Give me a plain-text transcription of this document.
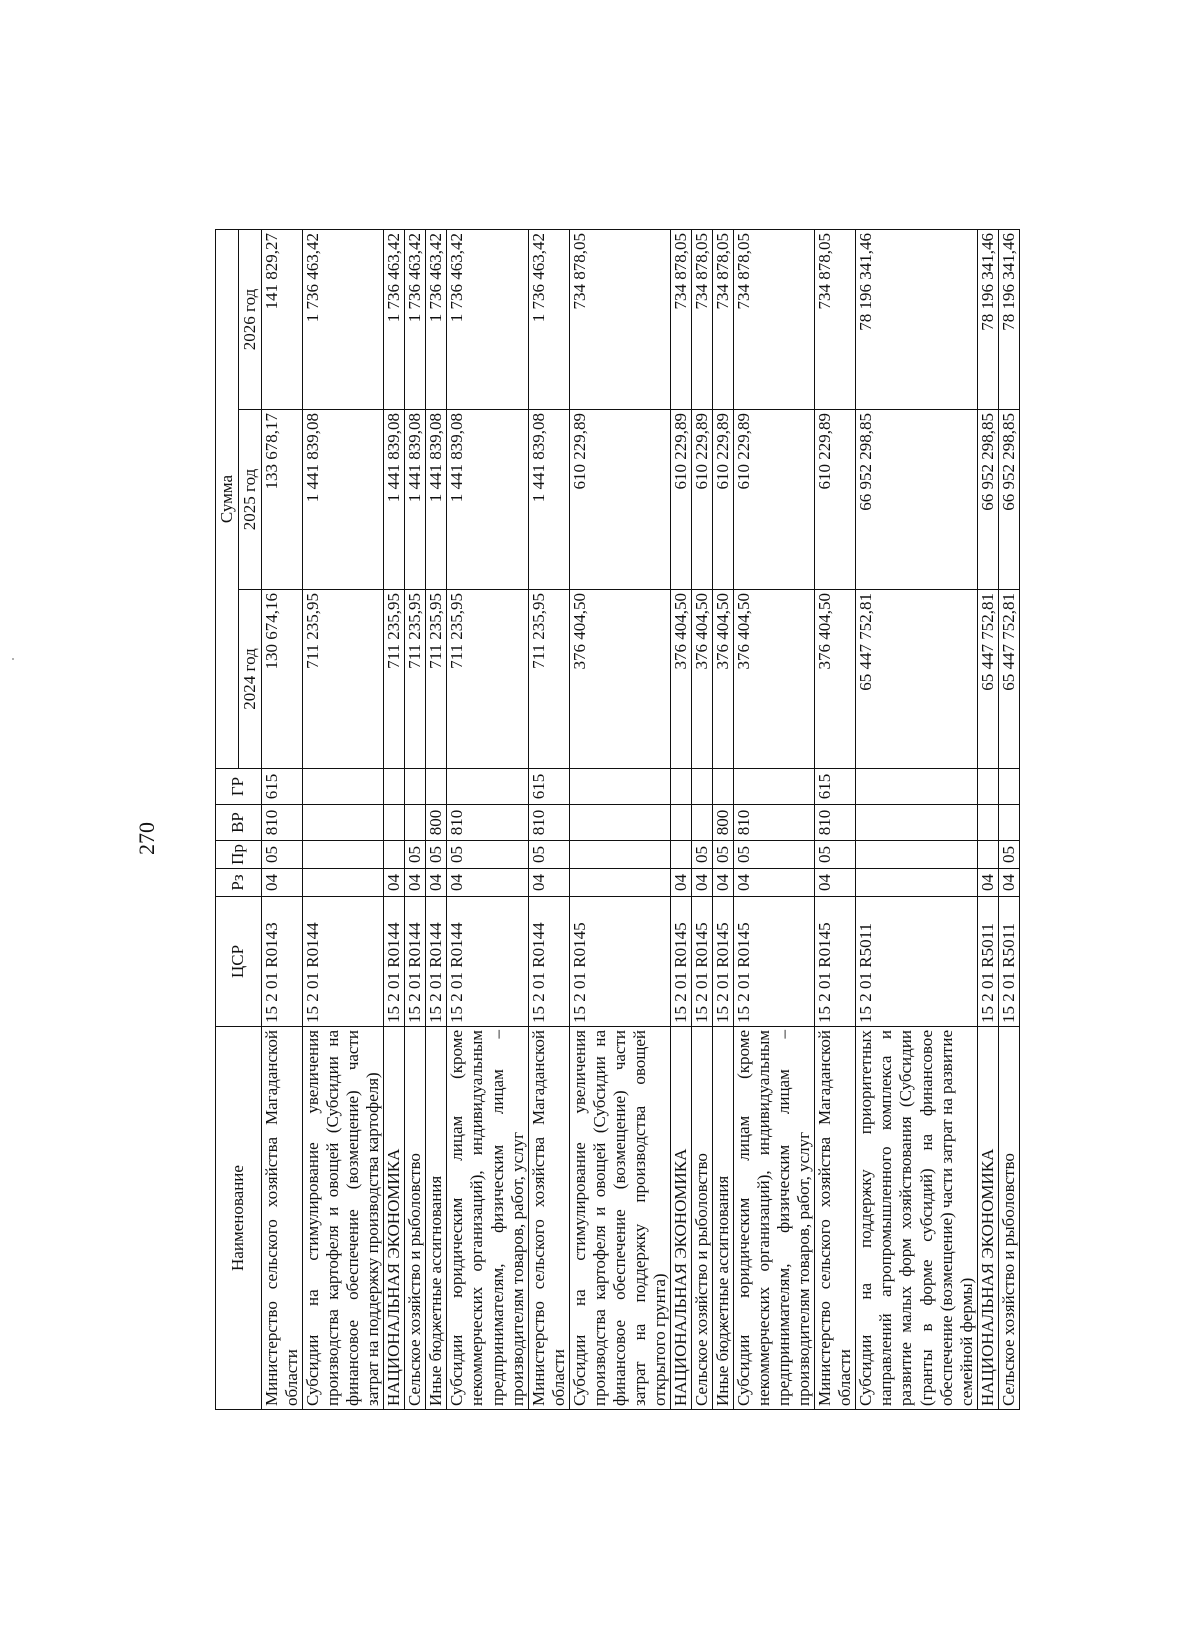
270
Наименование	ЦСР	Рз	Пр	ВР	ГР	Сумма		
						2024 год	2025 год	2026 год
Министерство сельского хозяйства Магаданской области	15 2 01 R0143	04	05	810	615	130 674,16	133 678,17	141 829,27
Субсидии на стимулирование увеличения производства картофеля и овощей (Субсидии на финансовое обеспечение (возмещение) части затрат на поддержку производства картофеля)	15 2 01 R0144					711 235,95	1 441 839,08	1 736 463,42
НАЦИОНАЛЬНАЯ ЭКОНОМИКА	15 2 01 R0144	04				711 235,95	1 441 839,08	1 736 463,42
Сельское хозяйство и рыболовство	15 2 01 R0144	04	05			711 235,95	1 441 839,08	1 736 463,42
Иные бюджетные ассигнования	15 2 01 R0144	04	05	800		711 235,95	1 441 839,08	1 736 463,42
Субсидии юридическим лицам (кроме некоммерческих организаций), индивидуальным предпринимателям, физическим лицам – производителям товаров, работ, услуг	15 2 01 R0144	04	05	810		711 235,95	1 441 839,08	1 736 463,42
Министерство сельского хозяйства Магаданской области	15 2 01 R0144	04	05	810	615	711 235,95	1 441 839,08	1 736 463,42
Субсидии на стимулирование увеличения производства картофеля и овощей (Субсидии на финансовое обеспечение (возмещение) части затрат на поддержку производства овощей открытого грунта)	15 2 01 R0145					376 404,50	610 229,89	734 878,05
НАЦИОНАЛЬНАЯ ЭКОНОМИКА	15 2 01 R0145	04				376 404,50	610 229,89	734 878,05
Сельское хозяйство и рыболовство	15 2 01 R0145	04	05			376 404,50	610 229,89	734 878,05
Иные бюджетные ассигнования	15 2 01 R0145	04	05	800		376 404,50	610 229,89	734 878,05
Субсидии юридическим лицам (кроме некоммерческих организаций), индивидуальным предпринимателям, физическим лицам – производителям товаров, работ, услуг	15 2 01 R0145	04	05	810		376 404,50	610 229,89	734 878,05
Министерство сельского хозяйства Магаданской области	15 2 01 R0145	04	05	810	615	376 404,50	610 229,89	734 878,05
Субсидии на поддержку приоритетных направлений агропромышленного комплекса и развитие малых форм хозяйствования (Субсидии (гранты в форме субсидий) на финансовое обеспечение (возмещение) части затрат на развитие семейной фермы)	15 2 01 R5011					65 447 752,81	66 952 298,85	78 196 341,46
НАЦИОНАЛЬНАЯ ЭКОНОМИКА	15 2 01 R5011	04				65 447 752,81	66 952 298,85	78 196 341,46
Сельское хозяйство и рыболовство	15 2 01 R5011	04	05			65 447 752,81	66 952 298,85	78 196 341,46
